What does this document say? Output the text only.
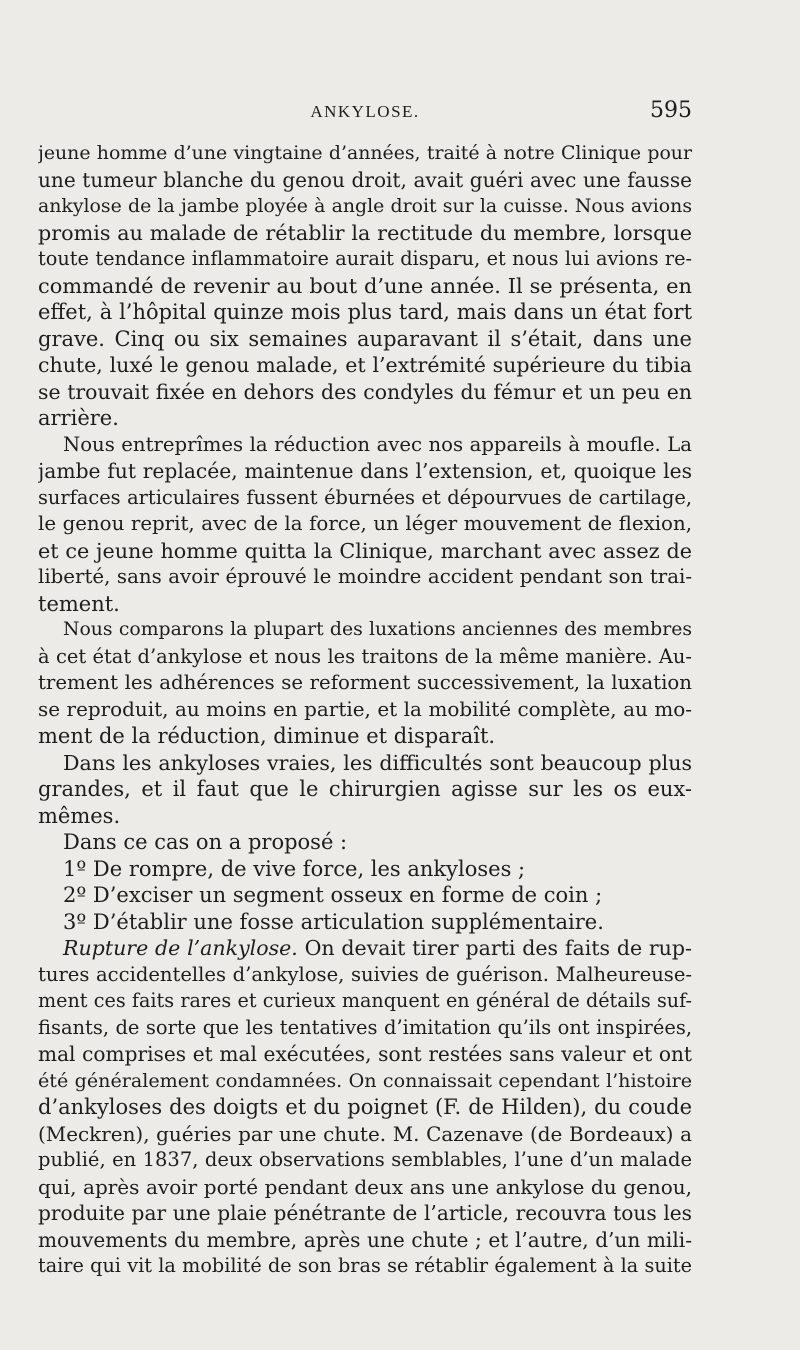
ANKYLOSE.	595
jeune homme d’une vingtaine d’années, traité à notre Clinique pour
une tumeur blanche du genou droit, avait guéri avec une fausse
ankylose de la jambe ployée à angle droit sur la cuisse. Nous avions
promis au malade de rétablir la rectitude du membre, lorsque
toute tendance inflammatoire aurait disparu, et nous lui avions re-
commandé de revenir au bout d’une année. Il se présenta, en
effet, à l’hôpital quinze mois plus tard, mais dans un état fort
grave. Cinq ou six semaines auparavant il s’était, dans une
chute, luxé le genou malade, et l’extrémité supérieure du tibia
se trouvait fixée en dehors des condyles du fémur et un peu en
arrière.
Nous entreprîmes la réduction avec nos appareils à moufle. La
jambe fut replacée, maintenue dans l’extension, et, quoique les
surfaces articulaires fussent éburnées et dépourvues de cartilage,
le genou reprit, avec de la force, un léger mouvement de flexion,
et ce jeune homme quitta la Clinique, marchant avec assez de
liberté, sans avoir éprouvé le moindre accident pendant son trai-
tement.
Nous comparons la plupart des luxations anciennes des membres
à cet état d’ankylose et nous les traitons de la même manière. Au-
trement les adhérences se reforment successivement, la luxation
se reproduit, au moins en partie, et la mobilité complète, au mo-
ment de la réduction, diminue et disparaît.
Dans les ankyloses vraies, les difficultés sont beaucoup plus
grandes, et il faut que le chirurgien agisse sur les os eux-
mêmes.
Dans ce cas on a proposé :
1º De rompre, de vive force, les ankyloses ;
2º D’exciser un segment osseux en forme de coin ;
3º D’établir une fosse articulation supplémentaire.
Rupture de l’ankylose. On devait tirer parti des faits de rup-
tures accidentelles d’ankylose, suivies de guérison. Malheureuse-
ment ces faits rares et curieux manquent en général de détails suf-
fisants, de sorte que les tentatives d’imitation qu’ils ont inspirées,
mal comprises et mal exécutées, sont restées sans valeur et ont
été généralement condamnées. On connaissait cependant l’histoire
d’ankyloses des doigts et du poignet (F. de Hilden), du coude
(Meckren), guéries par une chute. M. Cazenave (de Bordeaux) a
publié, en 1837, deux observations semblables, l’une d’un malade
qui, après avoir porté pendant deux ans une ankylose du genou,
produite par une plaie pénétrante de l’article, recouvra tous les
mouvements du membre, après une chute ; et l’autre, d’un mili-
taire qui vit la mobilité de son bras se rétablir également à la suite
